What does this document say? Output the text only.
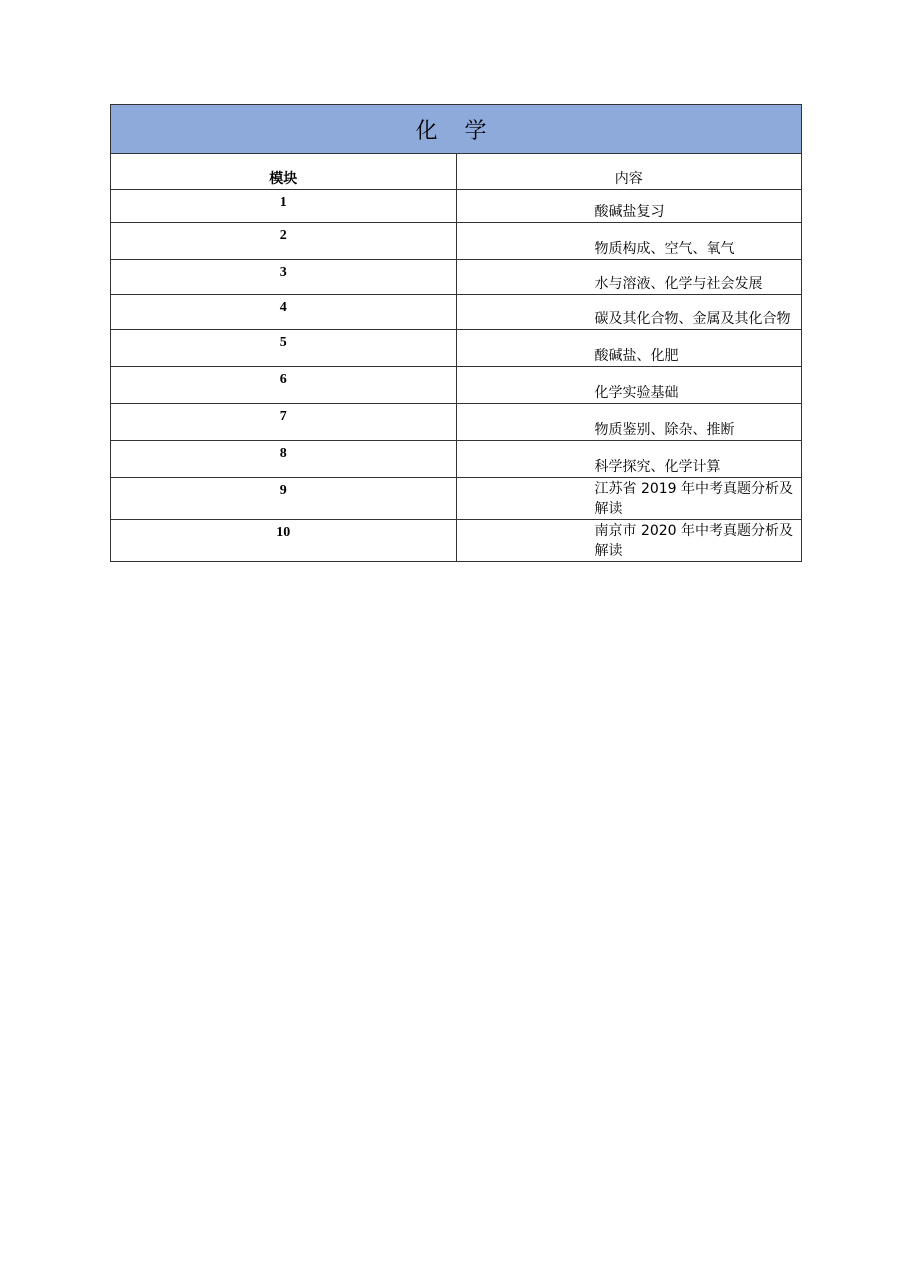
化 学	
模块	内容
1	酸碱盐复习
2	物质构成、空气、氧气
3	水与溶液、化学与社会发展
4	碳及其化合物、金属及其化合物
5	酸碱盐、化肥
6	化学实验基础
7	物质鉴别、除杂、推断
8	科学探究、化学计算
9	江苏省 2019 年中考真题分析及解读
10	南京市 2020 年中考真题分析及解读
